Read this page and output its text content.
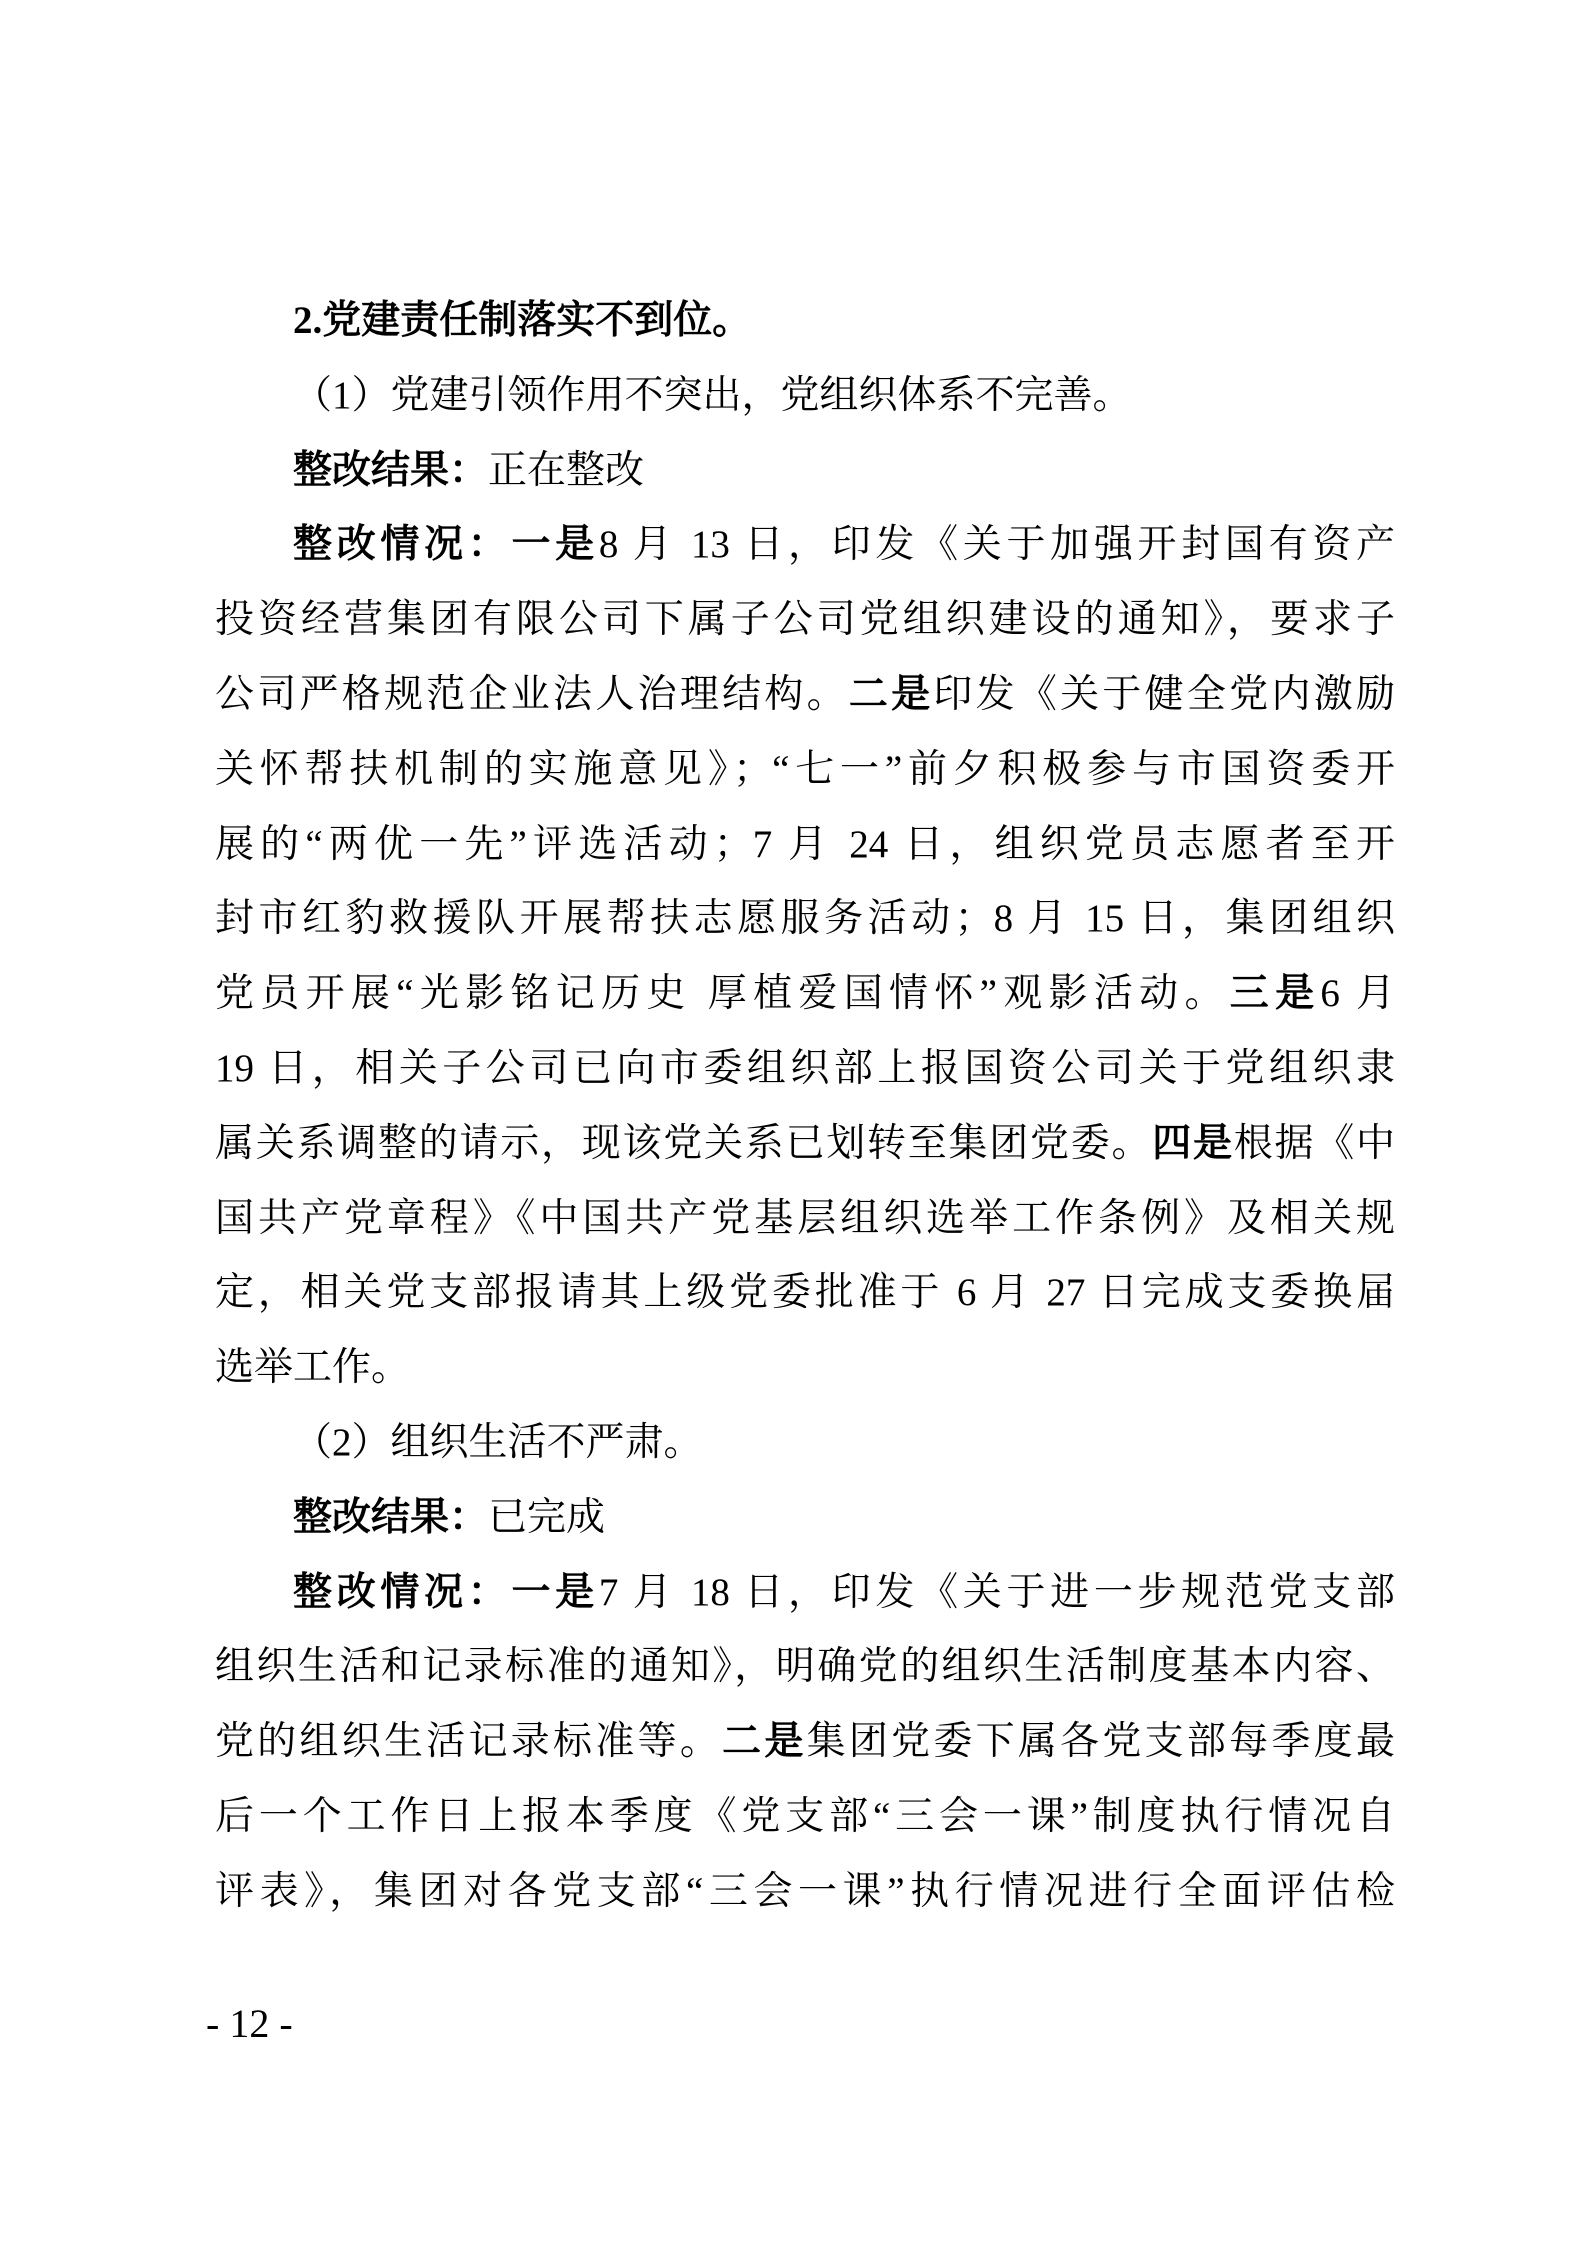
2.党建责任制落实不到位。
（1）党建引领作用不突出，党组织体系不完善。
整改结果：正在整改
整改情况：一是8 月 13 日，印发《关于加强开封国有资产
投资经营集团有限公司下属子公司党组织建设的通知》，要求子
公司严格规范企业法人治理结构。二是印发《关于健全党内激励
关怀帮扶机制的实施意见》；“七一”前夕积极参与市国资委开
展的“两优一先”评选活动；7 月 24 日，组织党员志愿者至开
封市红豹救援队开展帮扶志愿服务活动；8 月 15 日，集团组织
党员开展“光影铭记历史 厚植爱国情怀”观影活动。三是6 月
19 日，相关子公司已向市委组织部上报国资公司关于党组织隶
属关系调整的请示，现该党关系已划转至集团党委。四是根据《中
国共产党章程》《中国共产党基层组织选举工作条例》及相关规
定，相关党支部报请其上级党委批准于 6 月 27 日完成支委换届
选举工作。
（2）组织生活不严肃。
整改结果：已完成
整改情况：一是7 月 18 日，印发《关于进一步规范党支部
组织生活和记录标准的通知》，明确党的组织生活制度基本内容、
党的组织生活记录标准等。二是集团党委下属各党支部每季度最
后一个工作日上报本季度《党支部“三会一课”制度执行情况自
评表》，集团对各党支部“三会一课”执行情况进行全面评估检
- 12 -
